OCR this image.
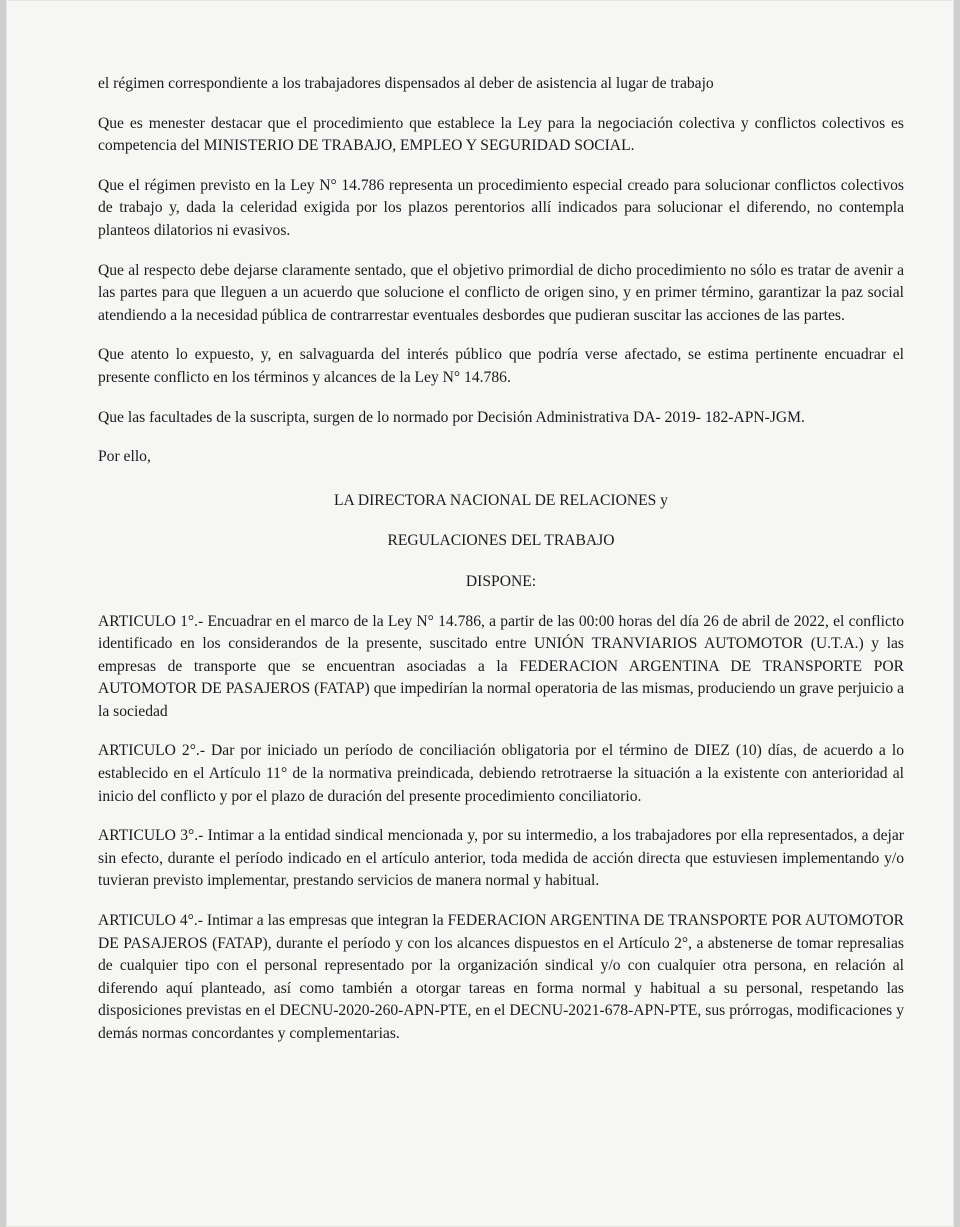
el régimen correspondiente a los trabajadores dispensados al deber de asistencia al lugar de trabajo

Que es menester destacar que el procedimiento que establece la Ley para la negociación colectiva y conflictos colectivos es competencia del MINISTERIO DE TRABAJO, EMPLEO Y SEGURIDAD SOCIAL.

Que el régimen previsto en la Ley N° 14.786 representa un procedimiento especial creado para solucionar conflictos colectivos de trabajo y, dada la celeridad exigida por los plazos perentorios allí indicados para solucionar el diferendo, no contempla planteos dilatorios ni evasivos.

Que al respecto debe dejarse claramente sentado, que el objetivo primordial de dicho procedimiento no sólo es tratar de avenir a las partes para que lleguen a un acuerdo que solucione el conflicto de origen sino, y en primer término, garantizar la paz social atendiendo a la necesidad pública de contrarrestar eventuales desbordes que pudieran suscitar las acciones de las partes.

Que atento lo expuesto, y, en salvaguarda del interés público que podría verse afectado, se estima pertinente encuadrar el presente conflicto en los términos y alcances de la Ley N° 14.786.

Que las facultades de la suscripta, surgen de lo normado por Decisión Administrativa DA- 2019- 182-APN-JGM.

Por ello,

LA DIRECTORA NACIONAL DE RELACIONES y

REGULACIONES DEL TRABAJO

DISPONE:

ARTICULO 1°.- Encuadrar en el marco de la Ley N° 14.786, a partir de las 00:00 horas del día 26 de abril de 2022, el conflicto identificado en los considerandos de la presente, suscitado entre UNIÓN TRANVIARIOS AUTOMOTOR (U.T.A.) y las empresas de transporte que se encuentran asociadas a la FEDERACION ARGENTINA DE TRANSPORTE POR AUTOMOTOR DE PASAJEROS (FATAP) que impedirían la normal operatoria de las mismas, produciendo un grave perjuicio a la sociedad

ARTICULO 2°.- Dar por iniciado un período de conciliación obligatoria por el término de DIEZ (10) días, de acuerdo a lo establecido en el Artículo 11° de la normativa preindicada, debiendo retrotraerse la situación a la existente con anterioridad al inicio del conflicto y por el plazo de duración del presente procedimiento conciliatorio.

ARTICULO 3°.- Intimar a la entidad sindical mencionada y, por su intermedio, a los trabajadores por ella representados, a dejar sin efecto, durante el período indicado en el artículo anterior, toda medida de acción directa que estuviesen implementando y/o tuvieran previsto implementar, prestando servicios de manera normal y habitual.

ARTICULO 4°.- Intimar a las empresas que integran la FEDERACION ARGENTINA DE TRANSPORTE POR AUTOMOTOR DE PASAJEROS (FATAP), durante el período y con los alcances dispuestos en el Artículo 2°, a abstenerse de tomar represalias de cualquier tipo con el personal representado por la organización sindical y/o con cualquier otra persona, en relación al diferendo aquí planteado, así como también a otorgar tareas en forma normal y habitual a su personal, respetando las disposiciones previstas en el DECNU-2020-260-APN-PTE, en el DECNU-2021-678-APN-PTE, sus prórrogas, modificaciones y demás normas concordantes y complementarias.
